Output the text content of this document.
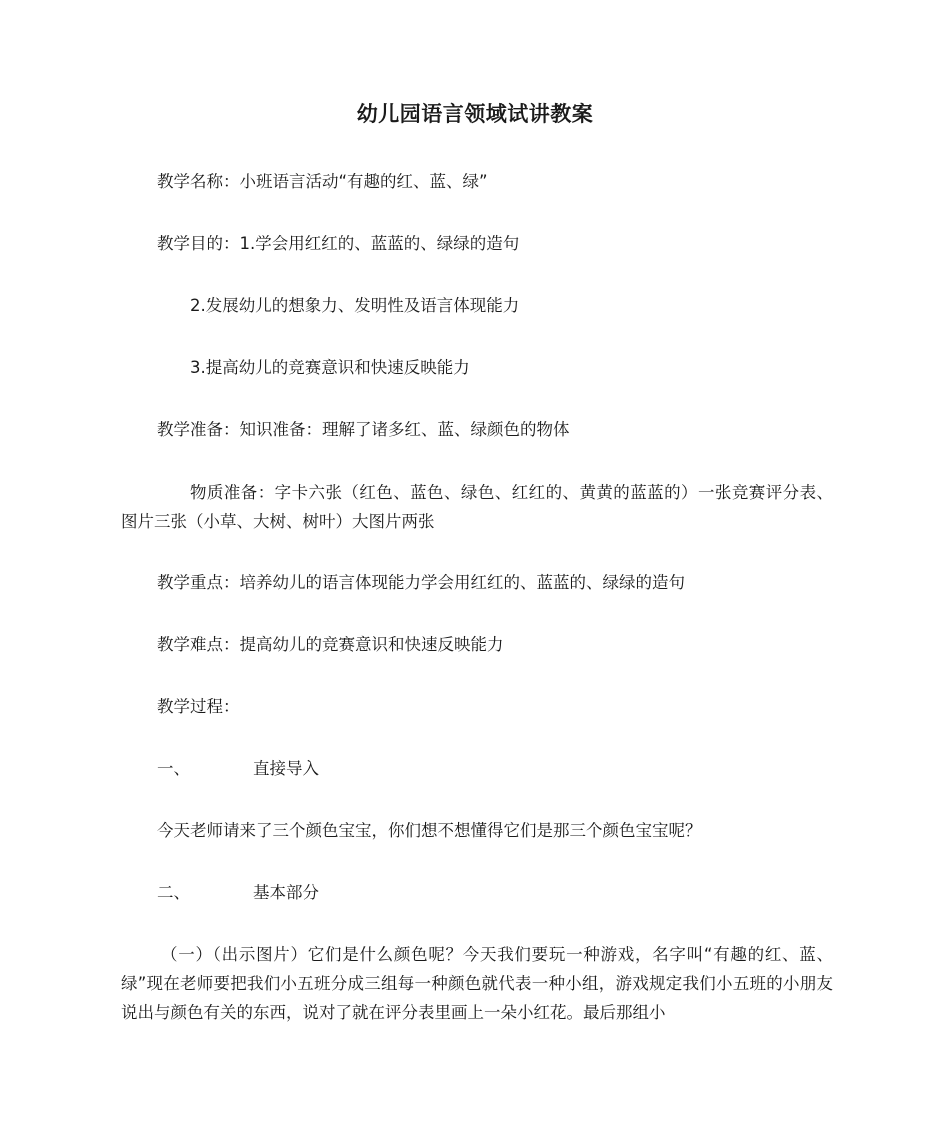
幼儿园语言领域试讲教案
教学名称：小班语言活动“有趣的红、蓝、绿”
教学目的：1.学会用红红的、蓝蓝的、绿绿的造句
2.发展幼儿的想象力、发明性及语言体现能力
3.提高幼儿的竞赛意识和快速反映能力
教学准备：知识准备：理解了诸多红、蓝、绿颜色的物体
物质准备：字卡六张（红色、蓝色、绿色、红红的、黄黄的蓝蓝的）一张竞赛评分表、图片三张（小草、大树、树叶）大图片两张
教学重点：培养幼儿的语言体现能力学会用红红的、蓝蓝的、绿绿的造句
教学难点：提高幼儿的竞赛意识和快速反映能力
教学过程：
一、	直接导入
今天老师请来了三个颜色宝宝，你们想不想懂得它们是那三个颜色宝宝呢？
二、	基本部分
（一）（出示图片）它们是什么颜色呢？今天我们要玩一种游戏，名字叫“有趣的红、蓝、绿”现在老师要把我们小五班分成三组每一种颜色就代表一种小组，游戏规定我们小五班的小朋友说出与颜色有关的东西，说对了就在评分表里画上一朵小红花。最后那组小
